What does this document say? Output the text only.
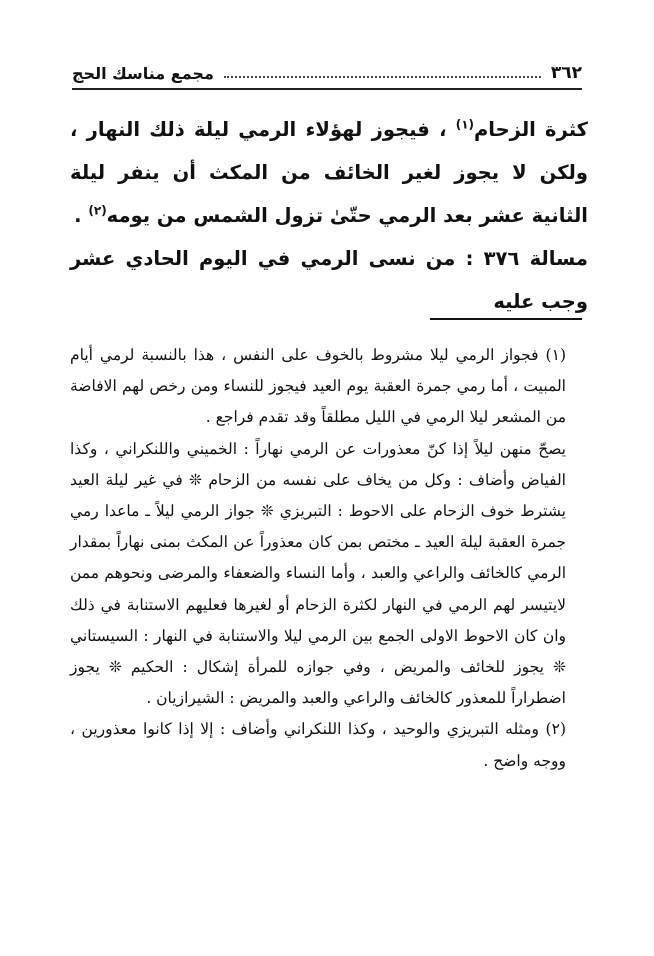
٣٦٢
مجمع مناسك الحج

كثرة الزحام$^{(١)}$ ، فيجوز لهؤلاء الرمي ليلة ذلك النهار ، ولكن لا يجوز لغير الخائف من المكث أن ينفر ليلة الثانية عشر بعد الرمي حتّىٰ تزول الشمس من يومه$^{(٢)}$ .

مسالة ٣٧٦ : من نسى الرمي في اليوم الحادي عشر وجب عليه

(١) فجواز الرمي ليلا مشروط بالخوف على النفس ، هذا بالنسبة لرمي أيام المبيت ، أما رمي جمرة العقبة يوم العيد فيجوز للنساء ومن رخص لهم الافاضة من المشعر ليلا الرمي في الليل مطلقاً وقد تقدم فراجع .

يصحّ منهن ليلاً إذا كنّ معذورات عن الرمي نهاراً : الخميني واللنكراني ، وكذا الفياض وأضاف : وكل من يخاف على نفسه من الزحام ❊ في غير ليلة العيد يشترط خوف الزحام على الاحوط : التبريزي ❊ جواز الرمي ليلاً ـ ماعدا رمي جمرة العقبة ليلة العيد ـ مختص بمن كان معذوراً عن المكث بمنى نهاراً بمقدار الرمي كالخائف والراعي والعبد ، وأما النساء والضعفاء والمرضى ونحوهم ممن لايتيسر لهم الرمي في النهار لكثرة الزحام أو لغيرها فعليهم الاستنابة في ذلك وان كان الاحوط الاولى الجمع بين الرمي ليلا والاستنابة في النهار : السيستاني ❊ يجوز للخائف والمريض ، وفي جوازه للمرأة إشكال : الحكيم ❊ يجوز اضطراراً للمعذور كالخائف والراعي والعبد والمريض : الشيرازيان .

(٢) ومثله التبريزي والوحيد ، وكذا اللنكراني وأضاف : إلا إذا كانوا معذورين ، ووجه واضح .
